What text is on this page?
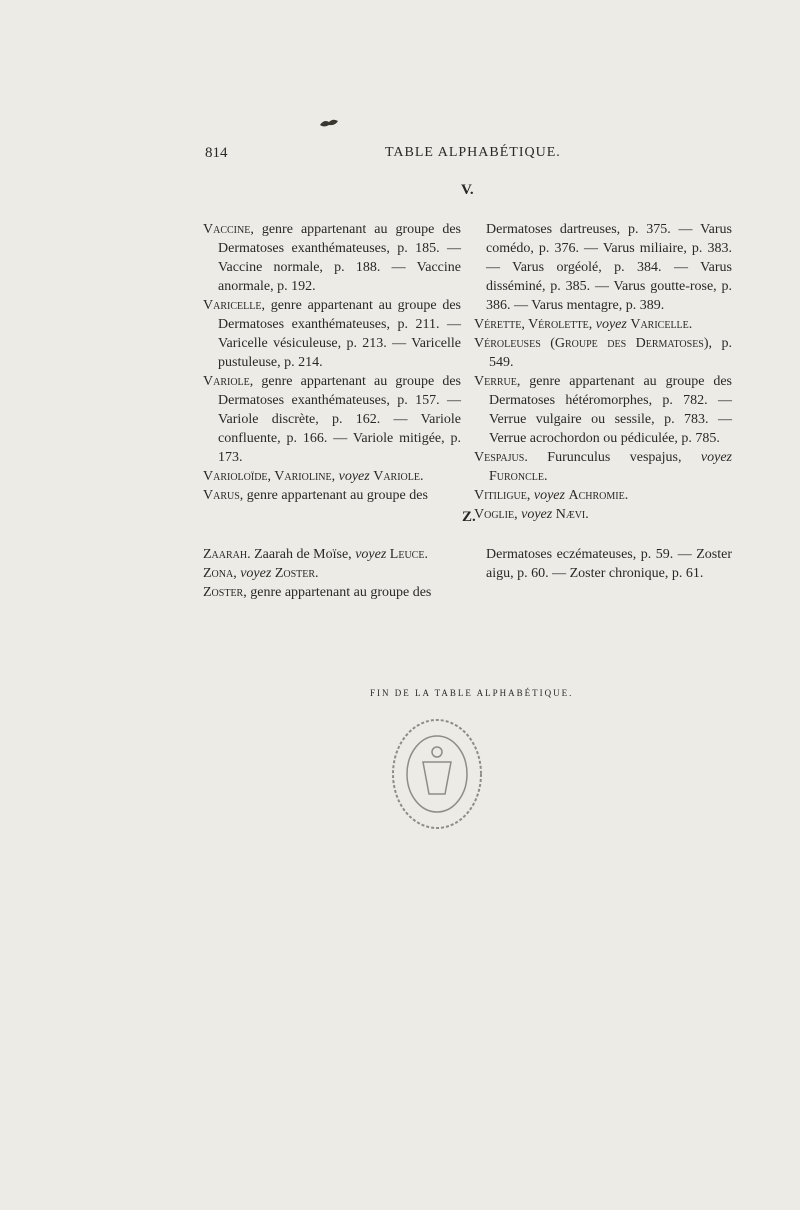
814	TABLE ALPHABÉTIQUE.
V.

Vaccine, genre appartenant au groupe des Dermatoses exanthémateuses, p. 185. — Vaccine normale, p. 188. — Vaccine anormale, p. 192.

Varicelle, genre appartenant au groupe des Dermatoses exanthémateuses, p. 211. — Varicelle vésiculeuse, p. 213. — Varicelle pustuleuse, p. 214.

Variole, genre appartenant au groupe des Dermatoses exanthémateuses, p. 157. — Variole discrète, p. 162. — Variole confluente, p. 166. — Variole mitigée, p. 173.

Varioloïde, Varioline, voyez Variole.

Varus, genre appartenant au groupe des

Dermatoses dartreuses, p. 375. — Varus comédo, p. 376. — Varus miliaire, p. 383. — Varus orgéolé, p. 384. — Varus disséminé, p. 385. — Varus goutte-rose, p. 386. — Varus mentagre, p. 389.

Vérette, Vérolette, voyez Varicelle.

Véroleuses (Groupe des Dermatoses), p. 549.

Verrue, genre appartenant au groupe des Dermatoses hétéromorphes, p. 782. — Verrue vulgaire ou sessile, p. 783. — Verrue acrochordon ou pédiculée, p. 785.

Vespajus. Furunculus vespajus, voyez Furoncle.

Vitiligue, voyez Achromie.

Voglie, voyez Nævi.

Z.

Zaarah. Zaarah de Moïse, voyez Leuce.

Zona, voyez Zoster.

Zoster, genre appartenant au groupe des

Dermatoses eczémateuses, p. 59. — Zoster aigu, p. 60. — Zoster chronique, p. 61.

FIN DE LA TABLE ALPHABÉTIQUE.
